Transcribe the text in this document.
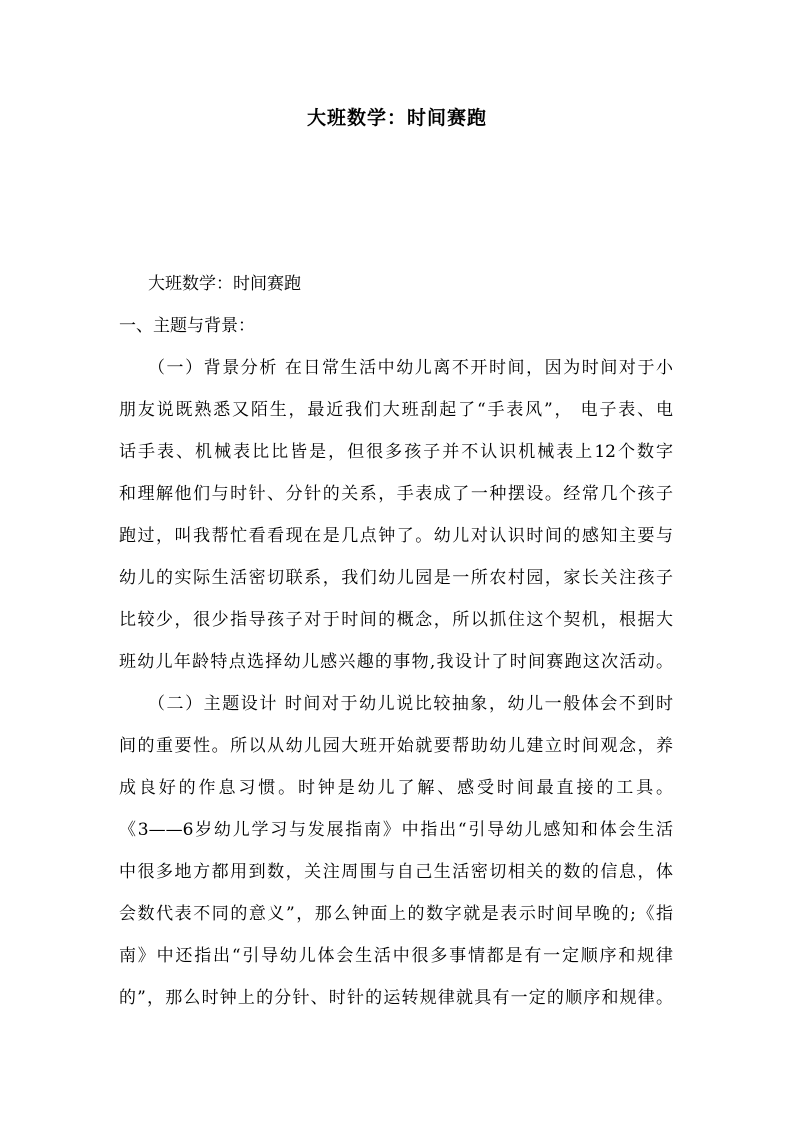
大班数学：时间赛跑
大班数学：时间赛跑
一、主题与背景：
（一）背景分析 在日常生活中幼儿离不开时间，因为时间对于小
朋友说既熟悉又陌生，最近我们大班刮起了“手表风”， 电子表、电
话手表、机械表比比皆是，但很多孩子并不认识机械表上12个数字
和理解他们与时针、分针的关系，手表成了一种摆设。经常几个孩子
跑过，叫我帮忙看看现在是几点钟了。幼儿对认识时间的感知主要与
幼儿的实际生活密切联系，我们幼儿园是一所农村园，家长关注孩子
比较少，很少指导孩子对于时间的概念，所以抓住这个契机，根据大
班幼儿年龄特点选择幼儿感兴趣的事物,我设计了时间赛跑这次活动。
（二）主题设计 时间对于幼儿说比较抽象，幼儿一般体会不到时
间的重要性。所以从幼儿园大班开始就要帮助幼儿建立时间观念，养
成良好的作息习惯。时钟是幼儿了解、感受时间最直接的工具。
《3——6岁幼儿学习与发展指南》中指出“引导幼儿感知和体会生活
中很多地方都用到数，关注周围与自己生活密切相关的数的信息，体
会数代表不同的意义”，那么钟面上的数字就是表示时间早晚的;《指
南》中还指出“引导幼儿体会生活中很多事情都是有一定顺序和规律
的”，那么时钟上的分针、时针的运转规律就具有一定的顺序和规律。
